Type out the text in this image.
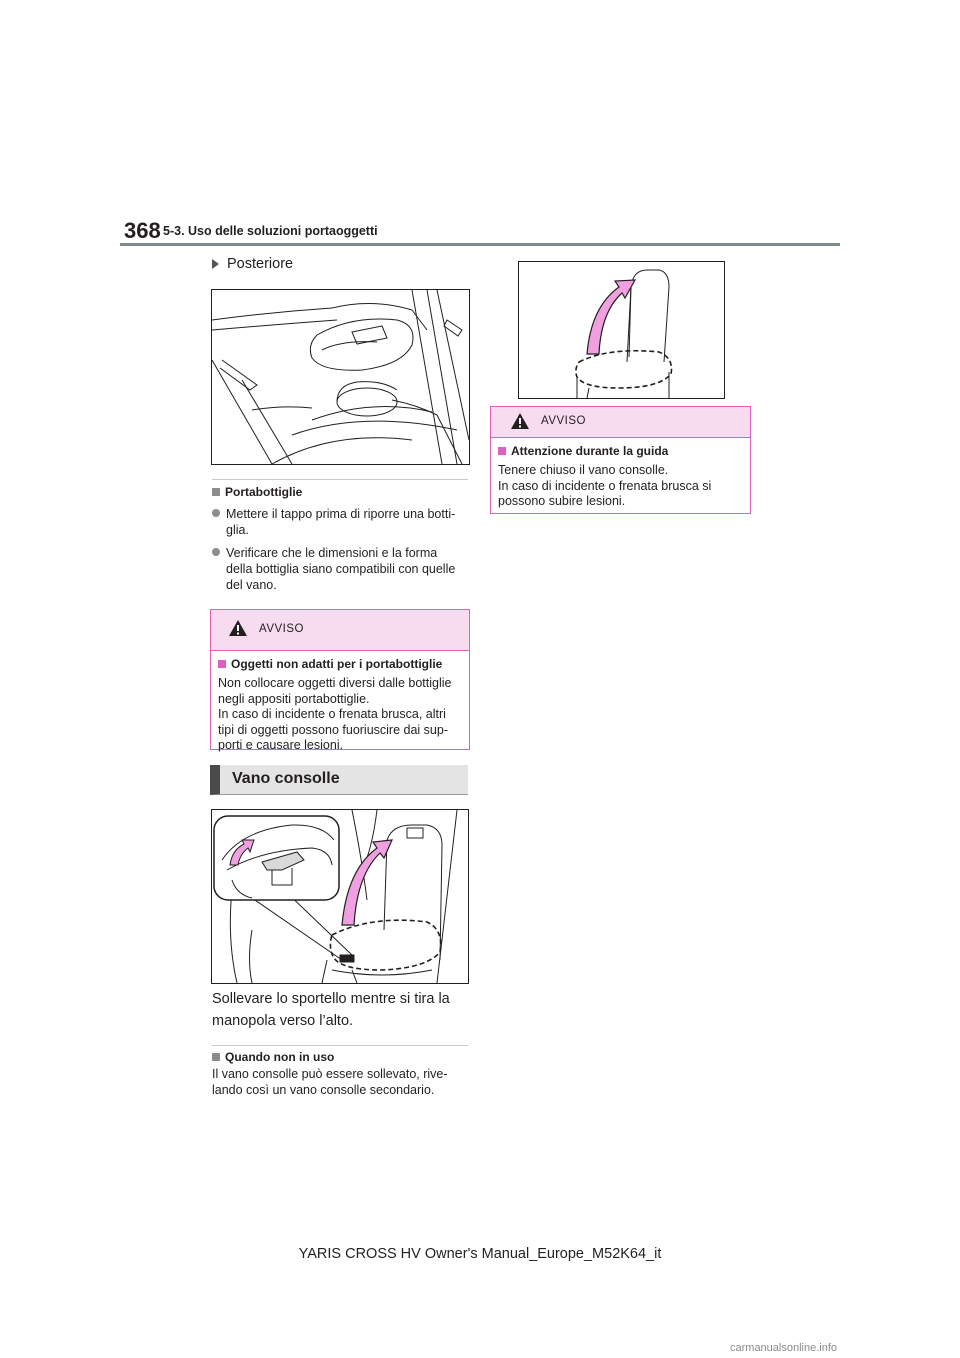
368 5-3. Uso delle soluzioni portaoggetti
Posteriore
Portabottiglie
Mettere il tappo prima di riporre una botti-
glia.
Verificare che le dimensioni e la forma
della bottiglia siano compatibili con quelle
del vano.
AVVISO
Oggetti non adatti per i portabottiglie
Non collocare oggetti diversi dalle bottiglie
negli appositi portabottiglie.
In caso di incidente o frenata brusca, altri
tipi di oggetti possono fuoriuscire dai sup-
porti e causare lesioni.
Vano consolle
Sollevare lo sportello mentre si tira la
manopola verso l’alto.
Quando non in uso
Il vano consolle può essere sollevato, rive-
lando così un vano consolle secondario.
AVVISO
Attenzione durante la guida
Tenere chiuso il vano consolle.
In caso di incidente o frenata brusca si
possono subire lesioni.
YARIS CROSS HV Owner's Manual_Europe_M52K64_it
carmanualsonline.info
